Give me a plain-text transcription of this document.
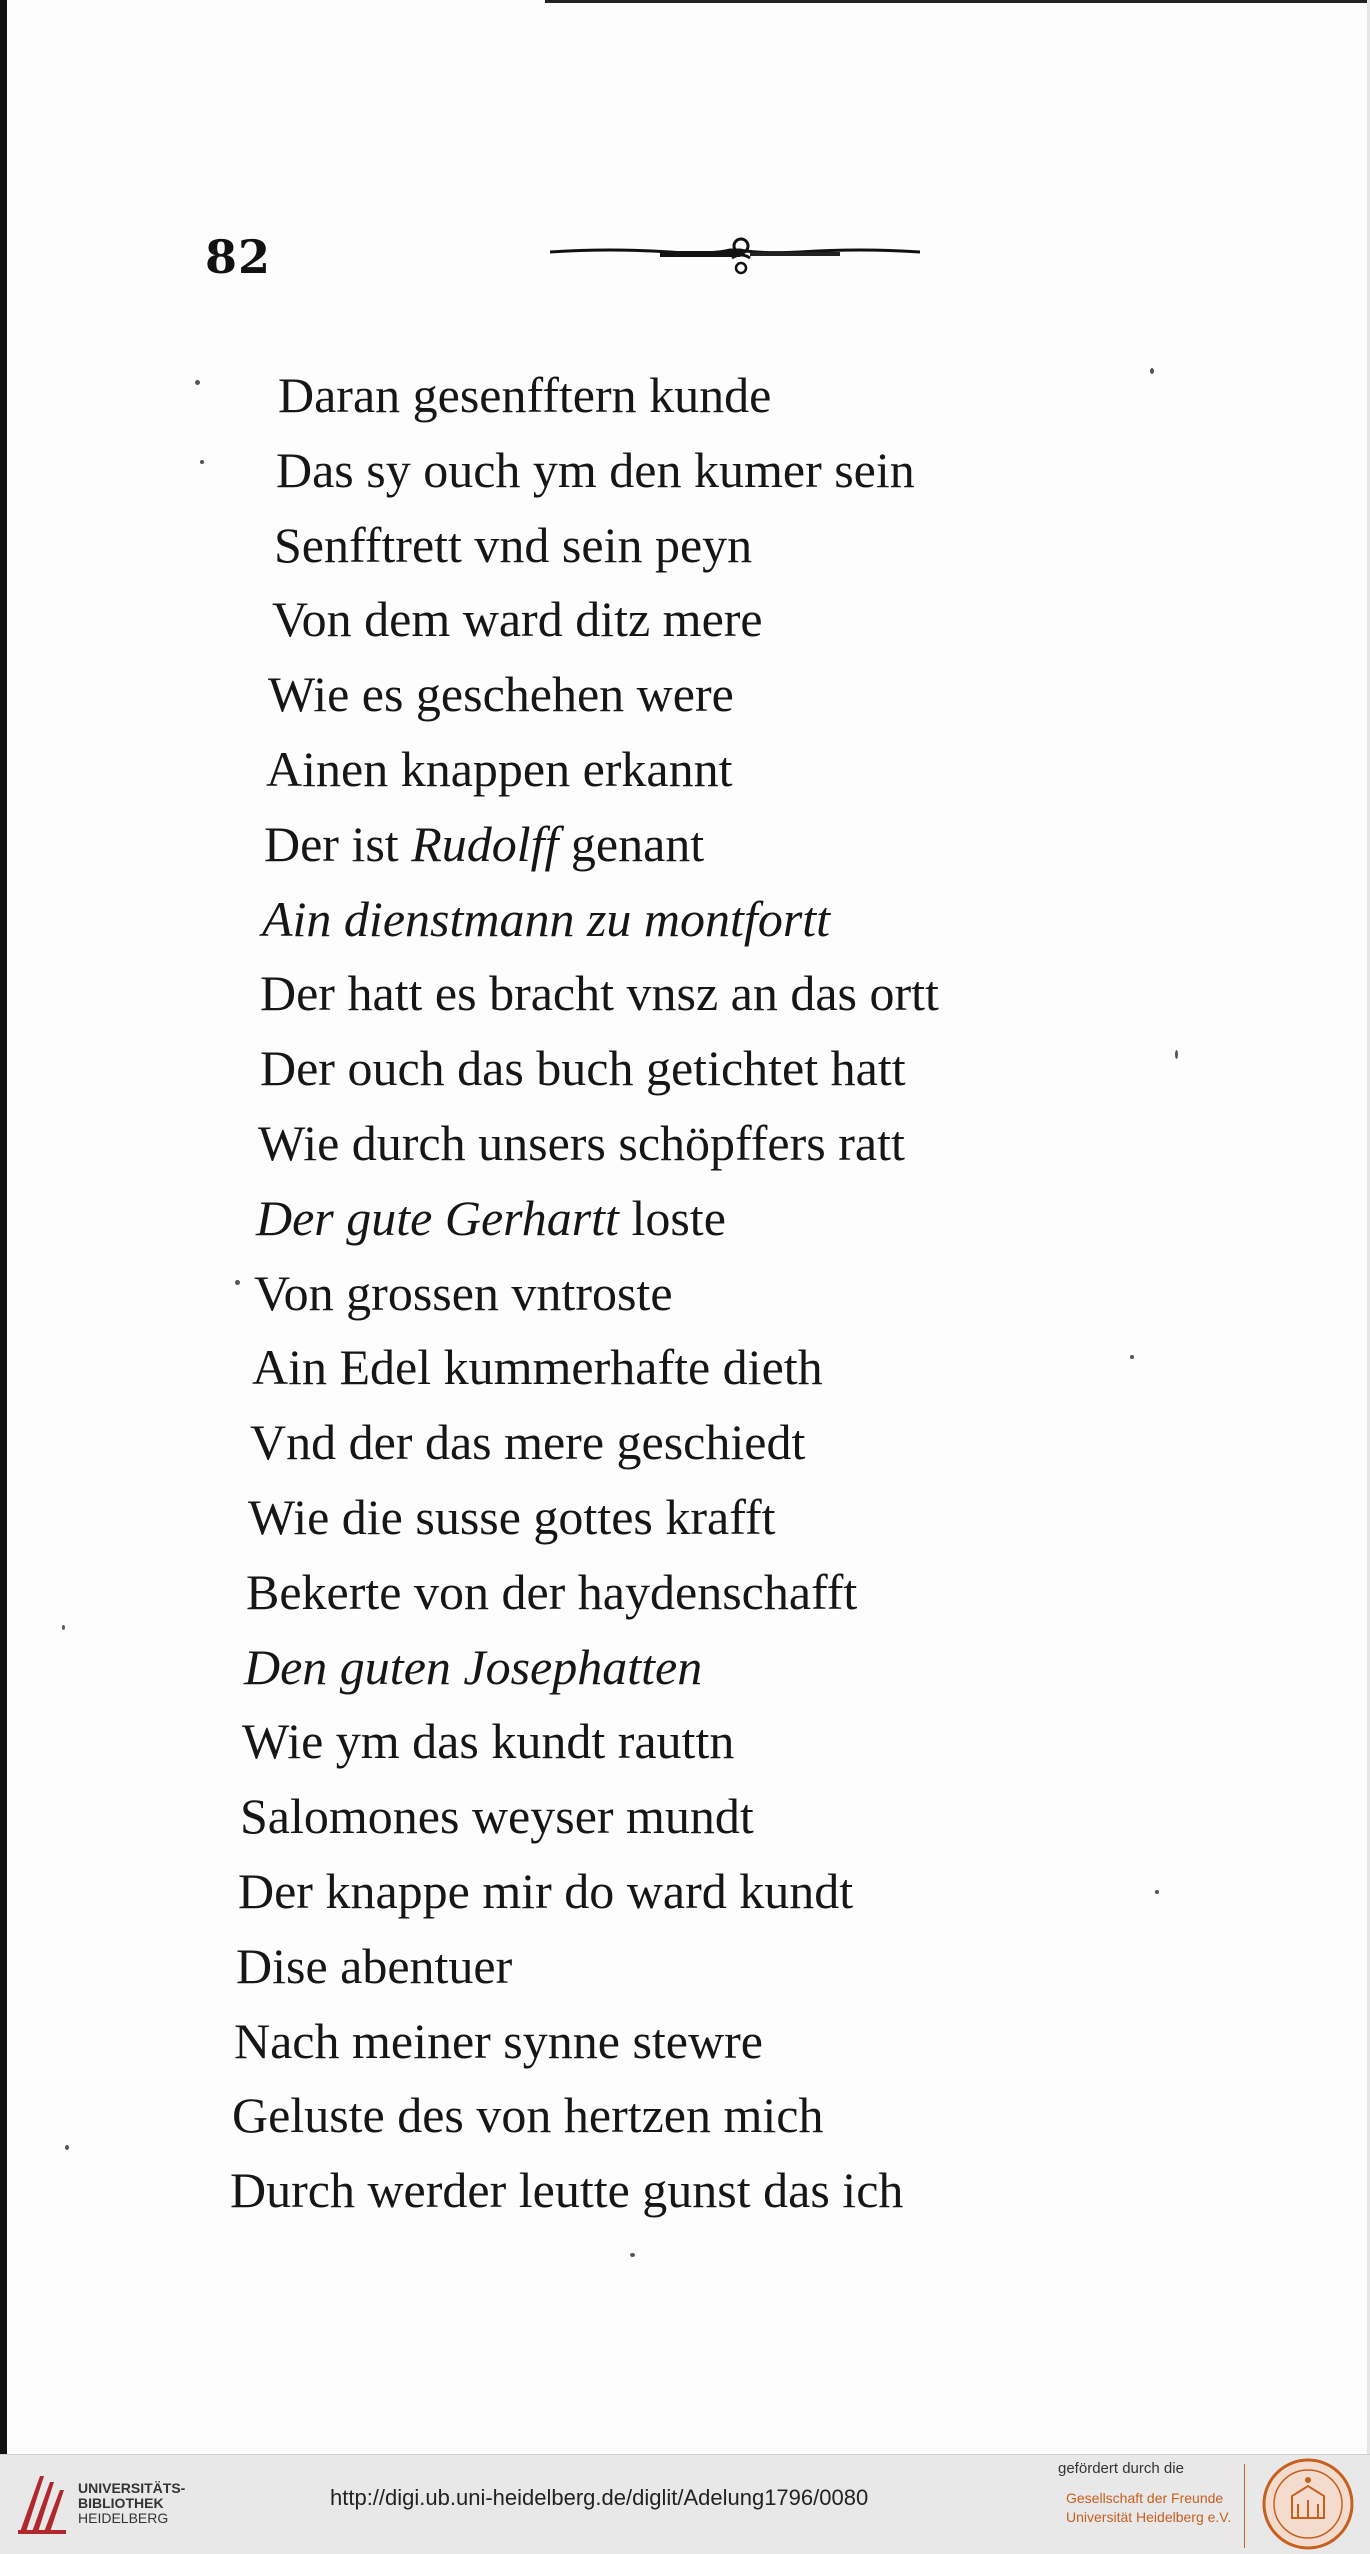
82
Daran gesenfftern kunde
Das sy ouch ym den kumer sein
Senfftrett vnd sein peyn
Von dem ward ditz mere
Wie es geschehen were
Ainen knappen erkannt
Der ist Rudolff genant
Ain dienstmann zu montfortt
Der hatt es bracht vnsz an das ortt
Der ouch das buch getichtet hatt
Wie durch unsers schöpffers ratt
Der gute Gerhartt loste
Von grossen vntroste
Ain Edel kummerhafte dieth
Vnd der das mere geschiedt
Wie die susse gottes krafft
Bekerte von der haydenschafft
Den guten Josephatten
Wie ym das kundt rauttn
Salomones weyser mundt
Der knappe mir do ward kundt
Dise abentuer
Nach meiner synne stewre
Geluste des von hertzen mich
Durch werder leutte gunst das ich
UNIVERSITÄTS-
BIBLIOTHEK
HEIDELBERG
http://digi.ub.uni-heidelberg.de/diglit/Adelung1796/0080
gefördert durch die
Gesellschaft der Freunde
Universität Heidelberg e.V.
